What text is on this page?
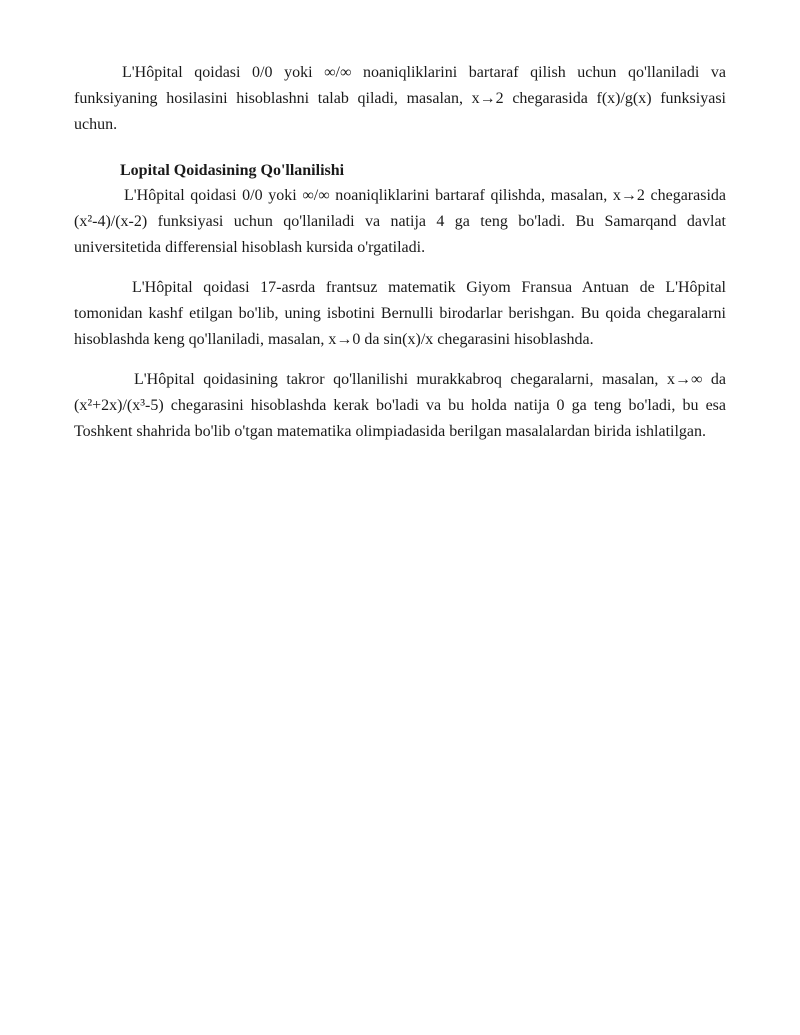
L'Hôpital qoidasi 0/0 yoki ∞/∞ noaniqliklarini bartaraf qilish uchun qo'llaniladi va funksiyaning hosilasini hisoblashni talab qiladi, masalan, x→2 chegarasida f(x)/g(x) funksiyasi uchun.

Lopital Qoidasining Qo'llanilishi

L'Hôpital qoidasi 0/0 yoki ∞/∞ noaniqliklarini bartaraf qilishda, masalan, x→2 chegarasida (x²-4)/(x-2) funksiyasi uchun qo'llaniladi va natija 4 ga teng bo'ladi. Bu Samarqand davlat universitetida differensial hisoblash kursida o'rgatiladi.

L'Hôpital qoidasi 17-asrda frantsuz matematik Giyom Fransua Antuan de L'Hôpital tomonidan kashf etilgan bo'lib, uning isbotini Bernulli birodarlar berishgan. Bu qoida chegaralarni hisoblashda keng qo'llaniladi, masalan, x→0 da sin(x)/x chegarasini hisoblashda.

L'Hôpital qoidasining takror qo'llanilishi murakkabroq chegaralarni, masalan, x→∞ da (x²+2x)/(x³-5) chegarasini hisoblashda kerak bo'ladi va bu holda natija 0 ga teng bo'ladi, bu esa Toshkent shahrida bo'lib o'tgan matematika olimpiadasida berilgan masalalardan birida ishlatilgan.
